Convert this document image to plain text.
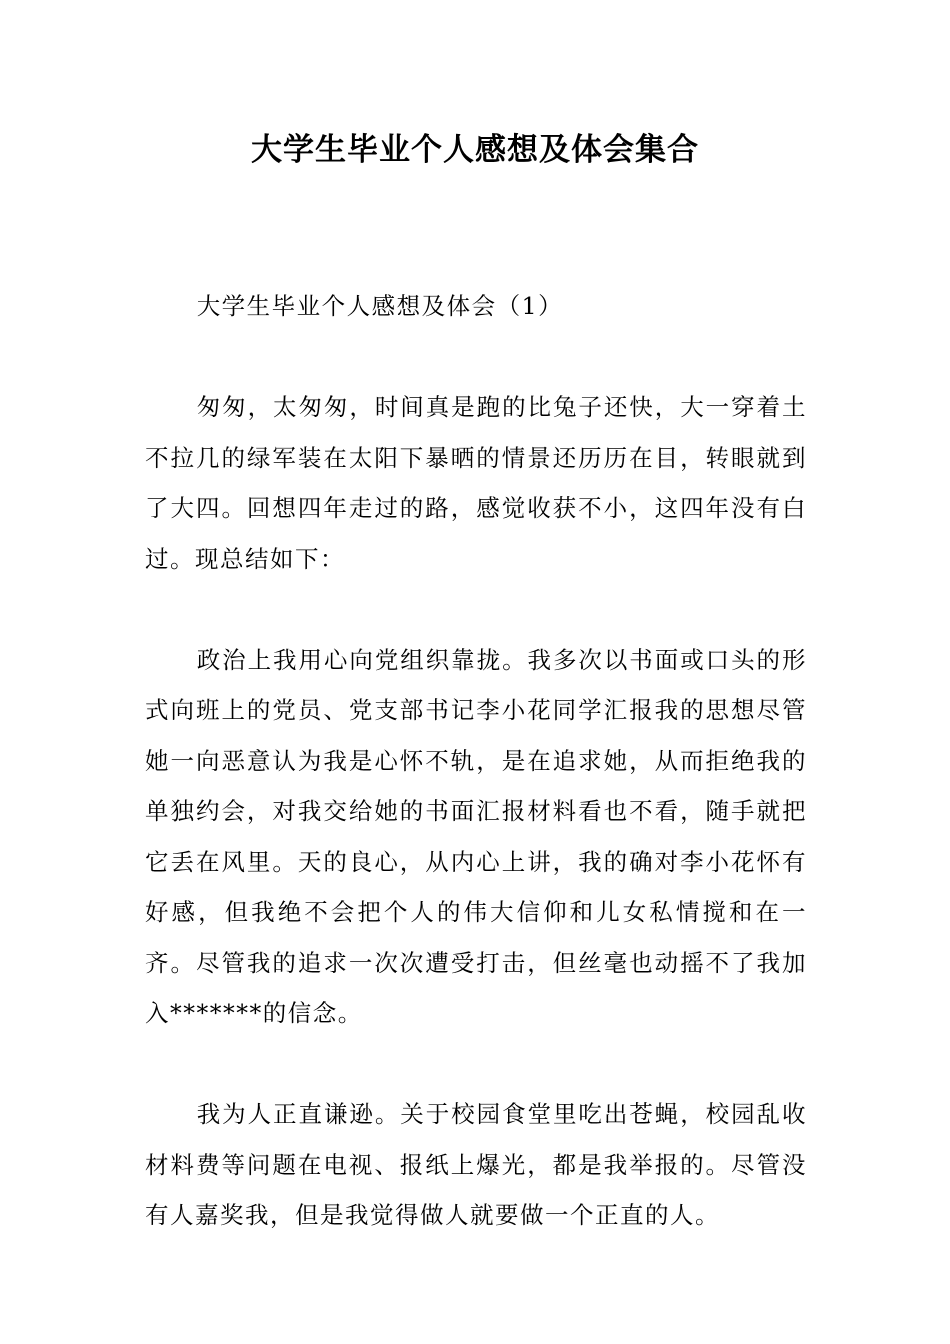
大学生毕业个人感想及体会集合

大学生毕业个人感想及体会（1）

匆匆，太匆匆，时间真是跑的比兔子还快，大一穿着土不拉几的绿军装在太阳下暴晒的情景还历历在目，转眼就到了大四。回想四年走过的路，感觉收获不小，这四年没有白过。现总结如下：

政治上我用心向党组织靠拢。我多次以书面或口头的形式向班上的党员、党支部书记李小花同学汇报我的思想尽管她一向恶意认为我是心怀不轨，是在追求她，从而拒绝我的单独约会，对我交给她的书面汇报材料看也不看，随手就把它丢在风里。天的良心，从内心上讲，我的确对李小花怀有好感，但我绝不会把个人的伟大信仰和儿女私情搅和在一齐。尽管我的追求一次次遭受打击，但丝毫也动摇不了我加入*******的信念。

我为人正直谦逊。关于校园食堂里吃出苍蝇，校园乱收材料费等问题在电视、报纸上爆光，都是我举报的。尽管没有人嘉奖我，但是我觉得做人就要做一个正直的人。
